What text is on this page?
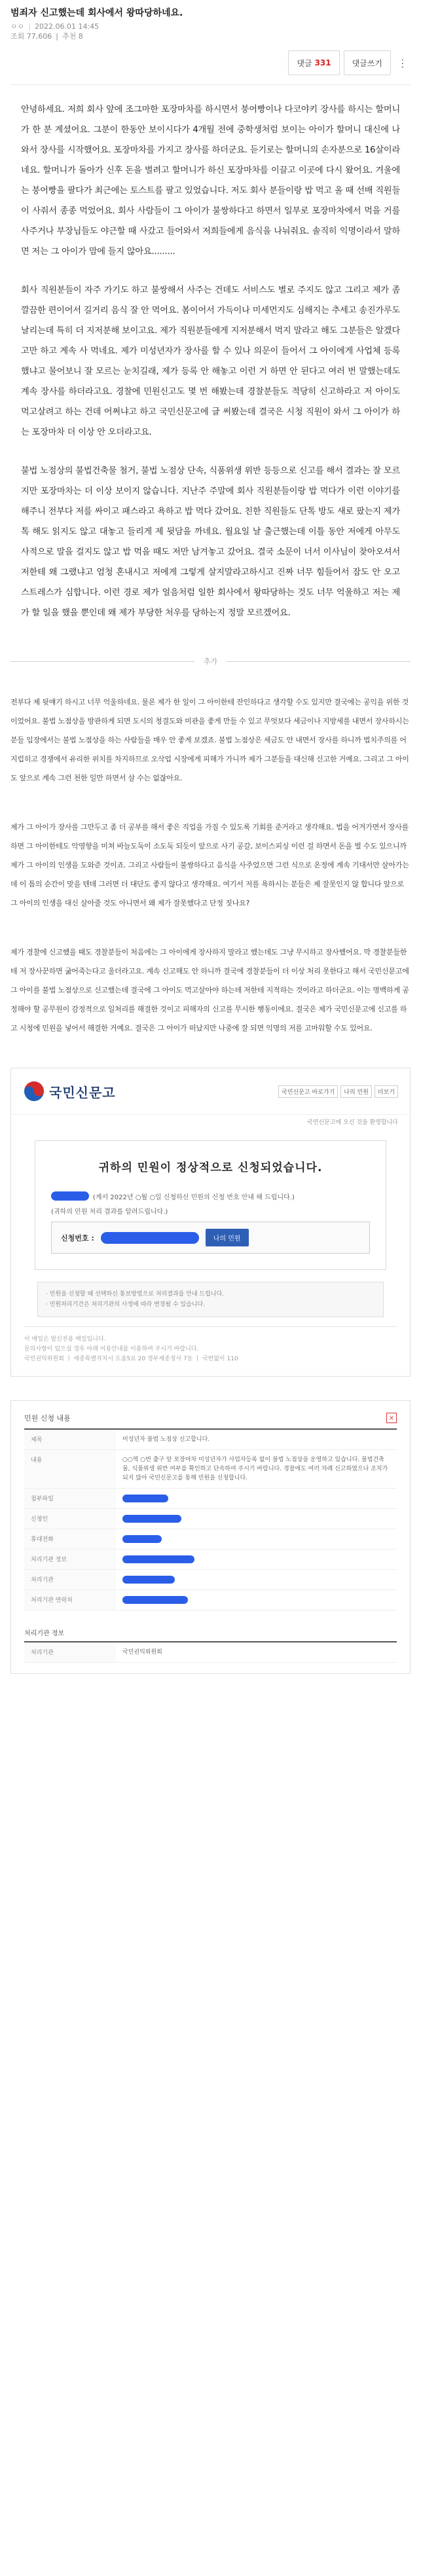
범죄자 신고했는데 회사에서 왕따당하네요.
ㅇㅇ | 2022.06.01 14:45
조회 77,606 | 추천 8
댓글 331	댓글쓰기 ⋮

안녕하세요. 저희 회사 앞에 조그마한 포장마차를 하시면서 붕어빵이나 다코야키 장사를 하시는 할머니가 한 분 계셨어요. 그분이 한동안 보이시다가 4개월 전에 중학생처럼 보이는 아이가 할머니 대신에 나와서 장사를 시작했어요. 포장마차를 가지고 장사를 하더군요. 듣기로는 할머니의 손자분으로 16살이라네요. 할머니가 돌아가 신후 돈을 벌려고 할머니가 하신 포장마차를 이끌고 이곳에 다시 왔어요. 겨울에는 붕어빵을 팔다가 최근에는 토스트를 팔고 있었습니다. 저도 회사 분들이랑 밥 먹고 올 때 선배 직원들이 사줘서 종종 먹었어요. 회사 사람들이 그 아이가 불쌍하다고 하면서 일부로 포장마차에서 먹을 거를 사주거나 부장님들도 야근할 때 사갔고 들어와서 저희들에게 음식을 나눠줘요. 솔직히 익명이라서 말하면 저는 그 아이가 맘에 들지 않아요.........

회사 직원분들이 자주 가기도 하고 불쌍해서 사주는 건데도 서비스도 별로 주지도 않고 그리고 제가 좀 깔끔한 편이어서 길거리 음식 잘 안 먹어요. 봄이어서 가득이나 미세먼지도 심해지는 추세고 송진가루도 날리는데 특히 더 지저분해 보이고요. 제가 직원분들에게 지저분해서 먹지 말라고 해도 그분들은 알겠다고만 하고 계속 사 먹네요. 제가 미성년자가 장사를 할 수 있나 의문이 들어서 그 아이에게 사업체 등록했냐고 물어보니 잘 모르는 눈치길래, 제가 등록 안 해놓고 이런 거 하면 안 된다고 여러 번 말했는데도 계속 장사를 하더라고요. 경찰에 민원신고도 몇 번 해봤는데 경찰분들도 적당히 신고하라고 저 아이도 먹고살려고 하는 건데 어쩌냐고 하고 국민신문고에 글 써봤는데 결국은 시청 직원이 와서 그 아이가 하는 포장마차 더 이상 안 오더라고요.

불법 노점상의 불법건축물 철거, 불법 노점상 단속, 식품위생 위반 등등으로 신고를 해서 결과는 잘 모르지만 포장마차는 더 이상 보이지 않습니다. 지난주 주말에 회사 직원분들이랑 밥 먹다가 이런 이야기를 해주니 전부다 저를 싸이고 패스라고 욕하고 밥 먹다 갔어요. 친한 직원들도 단톡 방도 새로 팠는지 제가 톡 해도 읽지도 않고 대놓고 들리게 제 뒷담을 까네요. 월요일 날 출근했는데 이틀 동안 저에게 아무도 사적으로 말을 걸지도 않고 밥 먹을 때도 저만 남겨놓고 갔어요. 결국 소문이 너서 이사님이 찾아오셔서 저한테 왜 그랬냐고 엄청 혼내시고 저에게 그렇게 살지말라고하시고 진짜 너무 힘들어서 잠도 안 오고 스트레스가 심합니다. 이런 경로 제가 얼음처럼 일한 회사에서 왕따당하는 것도 너무 억울하고 저는 제가 할 일을 했을 뿐인데 왜 제가 부당한 처우를 당하는지 정말 모르겠어요.

추가

전부다 제 뒷얘기 하시고 너무 억울하네요. 물론 제가 한 일이 그 아이한테 잔인하다고 생각할 수도 있지만 결국에는 공익을 위한 것이었어요. 불법 노점상을 방관하게 되면 도시의 청결도와 미관을 좋게 만들 수 있고 무엇보다 세금이나 지방세를 내면서 장사하시는 분들 입장에서는 불법 노점상을 하는 사람들을 매우 안 좋게 보겠죠. 불법 노점상은 세금도 안 내면서 장사를 하니까 법치주의를 어지럽히고 경쟁에서 유리한 위치를 차지하므로 오삭업 시장에게 피해가 가니까 제가 그분들을 대신해 신고한 거예요. 그리고 그 아이도 앞으로 계속 그런 천한 일만 하면서 살 수는 없잖아요.

제가 그 아이가 장사를 그만두고 좀 더 공부를 해서 좋은 직업을 가질 수 있도록 기회를 준거라고 생각해요. 법을 어겨가면서 장사를 하면 그 아이한테도 악영향을 미쳐 바늘도둑이 소도둑 되듯이 앞으로 사기 공갈, 보이스피싱 이런 걸 하면서 돈을 벌 수도 있으니까 제가 그 아이의 인생을 도와준 것이죠. 그리고 사람들이 불쌍하다고 음식을 사주었으면 그런 식으로 온정에 계속 기대서만 살아가는데 이 틈의 순간이 맞을 텐데 그러면 더 대단도 좋지 않다고 생각해요. 여기서 저를 욕하시는 분들은 제 잘못인지 않 합니다 앞으로 그 아이의 인생을 대신 살아줄 것도 아니면서 왜 제가 잘못했다고 단정 짓나요?

제가 경찰에 신고했을 때도 경찰분들이 처음에는 그 아이에게 장사하지 말라고 했는데도 그냥 무시하고 장사했어요. 막 경찰분들한테 저 장사꾼하면 굶어죽는다고 울더라고요. 계속 신고해도 안 하니까 결국에 경찰분들이 더 이상 처리 못한다고 해서 국민신문고에 그 아이를 불법 노점상으로 신고했는데 결국에 그 아이도 먹고살아야 하는데 저한테 지적하는 것이라고 하더군요. 이는 명백하게 공정해야 할 공무원이 감정적으로 일처리를 해결한 것이고 피해자의 신고를 무시한 행동이에요. 결국은 제가 국민신문고에 신고를 하고 시청에 민원을 넣어서 해결한 거예요. 결국은 그 아이가 떠났지만 나중에 잘 되면 익명의 저를 고마워할 수도 있어요.

국민신문고	국민신문고 바로가기	나의 민원	더보기
국민신문고에 오신 것을 환영합니다
귀하의 민원이 정상적으로 신청되었습니다.
(계서 2022년 ○월 ○일 신청하신 민원의 신청 번호 안내 해 드립니다.)
(귀하의 민원 처리 결과를 알려드립니다.)
신청번호 :	나의 민원
· 민원을 신청할 때 선택하신 통보방법으로 처리결과를 안내 드립니다.
· 민원처리기간은 처리기관의 사정에 따라 변경될 수 있습니다.
이 메일은 발신전용 메일입니다.
문의사항이 있으실 경우 아래 이용안내를 이용하여 주시기 바랍니다.
국민권익위원회 ㅣ 세종특별자치시 도움5로 20 정부세종청사 7동 ㅣ 국번없이 110
민원 신청 내용	×
제목	미성년자 불법 노점상 신고합니다.
내용	○○역 ○번 출구 앞 포장마차 미성년자가 사업자등록 없이 불법 노점상을 운영하고 있습니다. 불법건축물, 식품위생 위반 여부를 확인하고 단속하여 주시기 바랍니다. 경찰에도 여러 차례 신고하였으나 조치가 되지 않아 국민신문고를 통해 민원을 신청합니다.
첨부파일
신청인
휴대전화
처리기관 정보
처리기관
처리기관 연락처
처리기관 정보
처리기관	국민권익위원회
